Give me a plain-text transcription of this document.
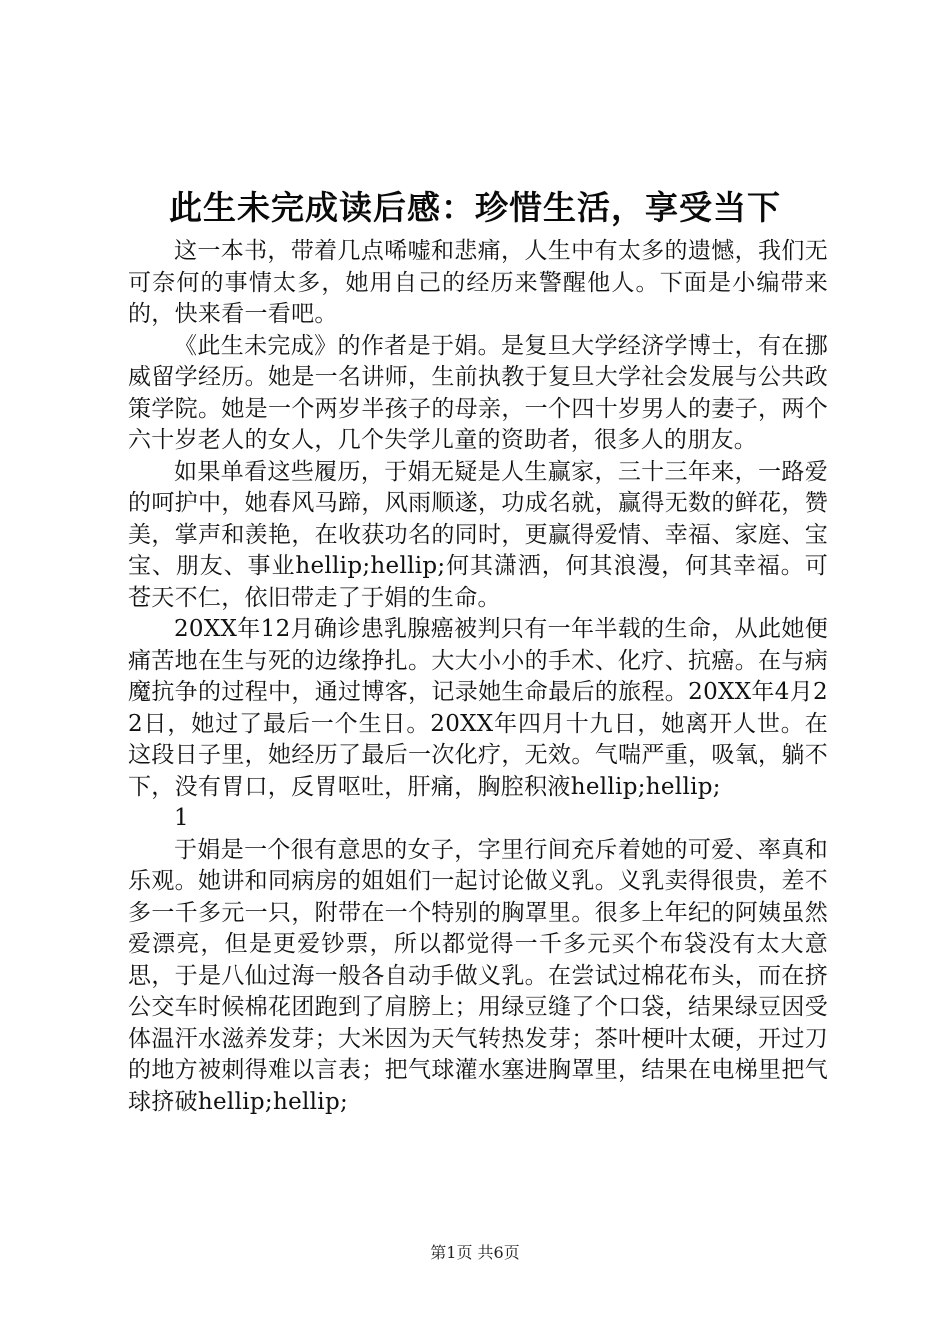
此生未完成读后感：珍惜生活，享受当下

这一本书，带着几点唏嘘和悲痛，人生中有太多的遗憾，我们无可奈何的事情太多，她用自己的经历来警醒他人。下面是小编带来的，快来看一看吧。

《此生未完成》的作者是于娟。是复旦大学经济学博士，有在挪威留学经历。她是一名讲师，生前执教于复旦大学社会发展与公共政策学院。她是一个两岁半孩子的母亲，一个四十岁男人的妻子，两个六十岁老人的女人，几个失学儿童的资助者，很多人的朋友。

如果单看这些履历，于娟无疑是人生赢家，三十三年来，一路爱的呵护中，她春风马蹄，风雨顺遂，功成名就，赢得无数的鲜花，赞美，掌声和羡艳，在收获功名的同时，更赢得爱情、幸福、家庭、宝宝、朋友、事业hellip;hellip;何其潇洒，何其浪漫，何其幸福。可苍天不仁，依旧带走了于娟的生命。

20XX年12月确诊患乳腺癌被判只有一年半载的生命，从此她便痛苦地在生与死的边缘挣扎。大大小小的手术、化疗、抗癌。在与病魔抗争的过程中，通过博客，记录她生命最后的旅程。20XX年4月22日，她过了最后一个生日。20XX年四月十九日，她离开人世。在这段日子里，她经历了最后一次化疗，无效。气喘严重，吸氧，躺不下，没有胃口，反胃呕吐，肝痛，胸腔积液hellip;hellip;

1

于娟是一个很有意思的女子，字里行间充斥着她的可爱、率真和乐观。她讲和同病房的姐姐们一起讨论做义乳。义乳卖得很贵，差不多一千多元一只，附带在一个特别的胸罩里。很多上年纪的阿姨虽然爱漂亮，但是更爱钞票，所以都觉得一千多元买个布袋没有太大意思，于是八仙过海一般各自动手做义乳。在尝试过棉花布头，而在挤公交车时候棉花团跑到了肩膀上；用绿豆缝了个口袋，结果绿豆因受体温汗水滋养发芽；大米因为天气转热发芽；茶叶梗叶太硬，开过刀的地方被刺得难以言表；把气球灌水塞进胸罩里，结果在电梯里把气球挤破hellip;hellip;

第1页 共6页
